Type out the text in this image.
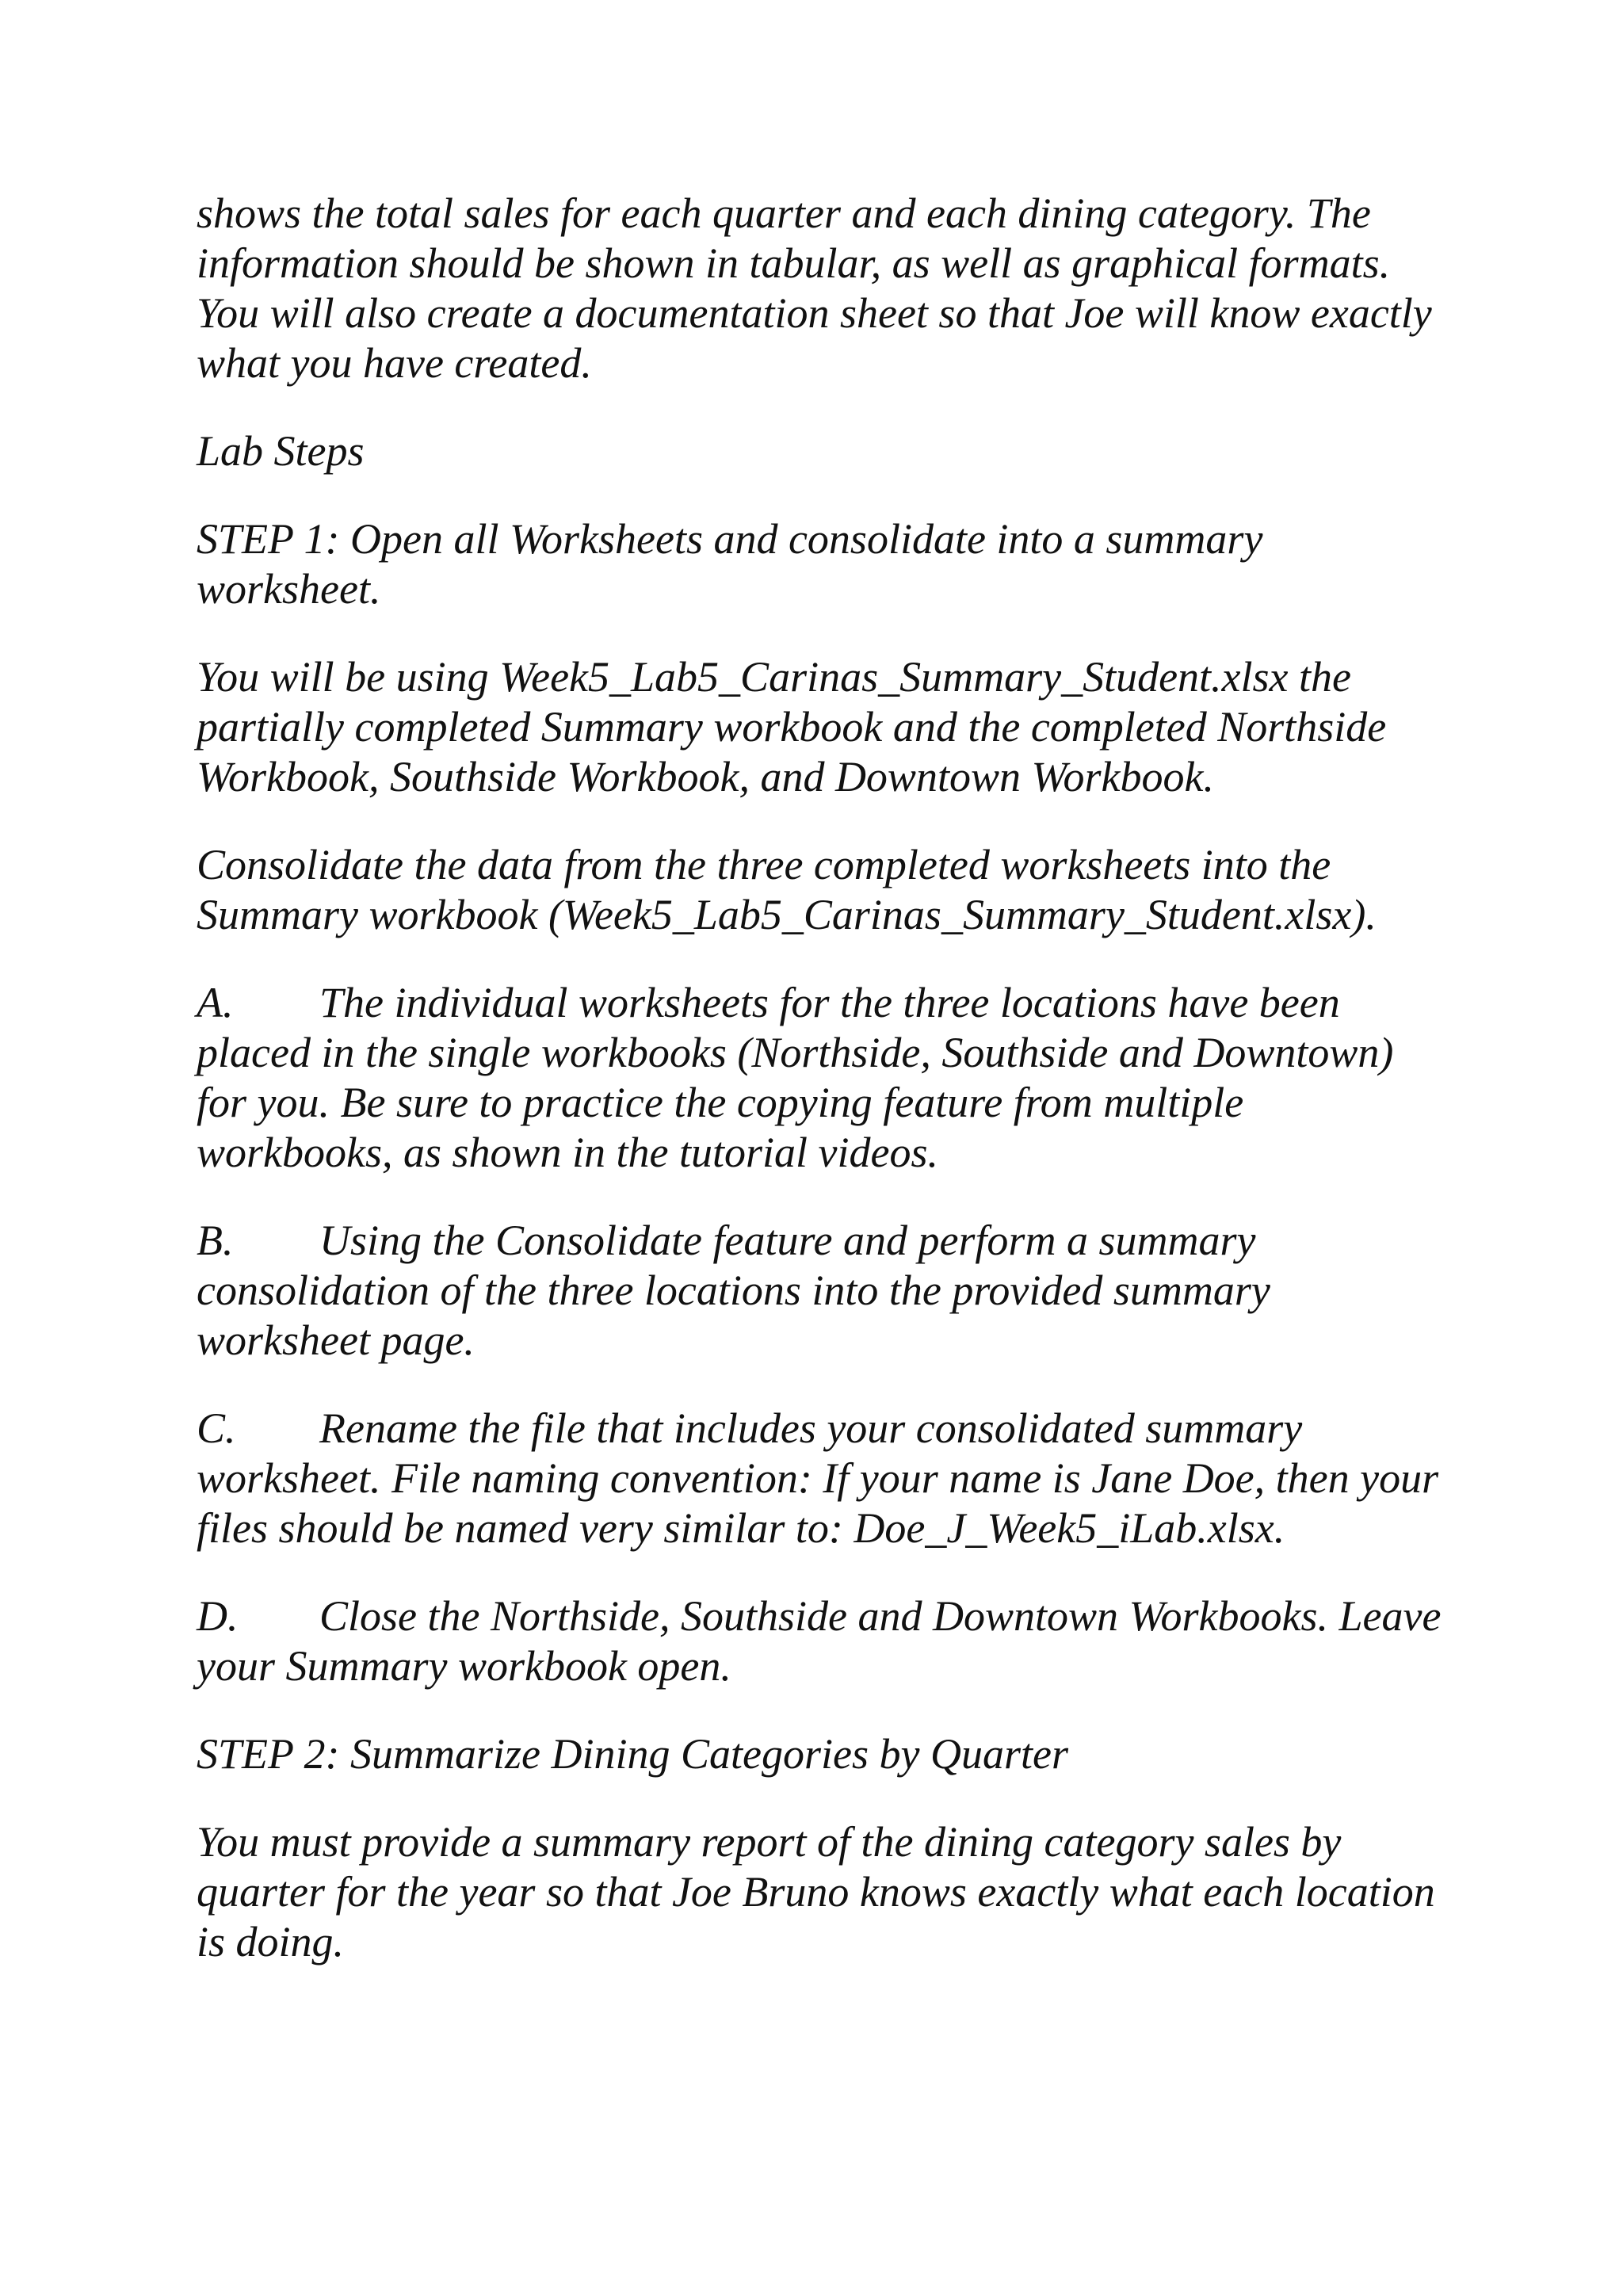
shows the total sales for each quarter and each dining category. The information should be shown in tabular, as well as graphical formats. You will also create a documentation sheet so that Joe will know exactly what you have created.

Lab Steps

STEP 1: Open all Worksheets and consolidate into a summary worksheet.

You will be using Week5_Lab5_Carinas_Summary_Student.xlsx the partially completed Summary workbook and the completed Northside Workbook, Southside Workbook, and Downtown Workbook.

Consolidate the data from the three completed worksheets into the Summary workbook (Week5_Lab5_Carinas_Summary_Student.xlsx).

A. The individual worksheets for the three locations have been placed in the single workbooks (Northside, Southside and Downtown) for you. Be sure to practice the copying feature from multiple workbooks, as shown in the tutorial videos.

B. Using the Consolidate feature and perform a summary consolidation of the three locations into the provided summary worksheet page.

C. Rename the file that includes your consolidated summary worksheet. File naming convention: If your name is Jane Doe, then your files should be named very similar to: Doe_J_Week5_iLab.xlsx.

D. Close the Northside, Southside and Downtown Workbooks. Leave your Summary workbook open.

STEP 2: Summarize Dining Categories by Quarter

You must provide a summary report of the dining category sales by quarter for the year so that Joe Bruno knows exactly what each location is doing.
